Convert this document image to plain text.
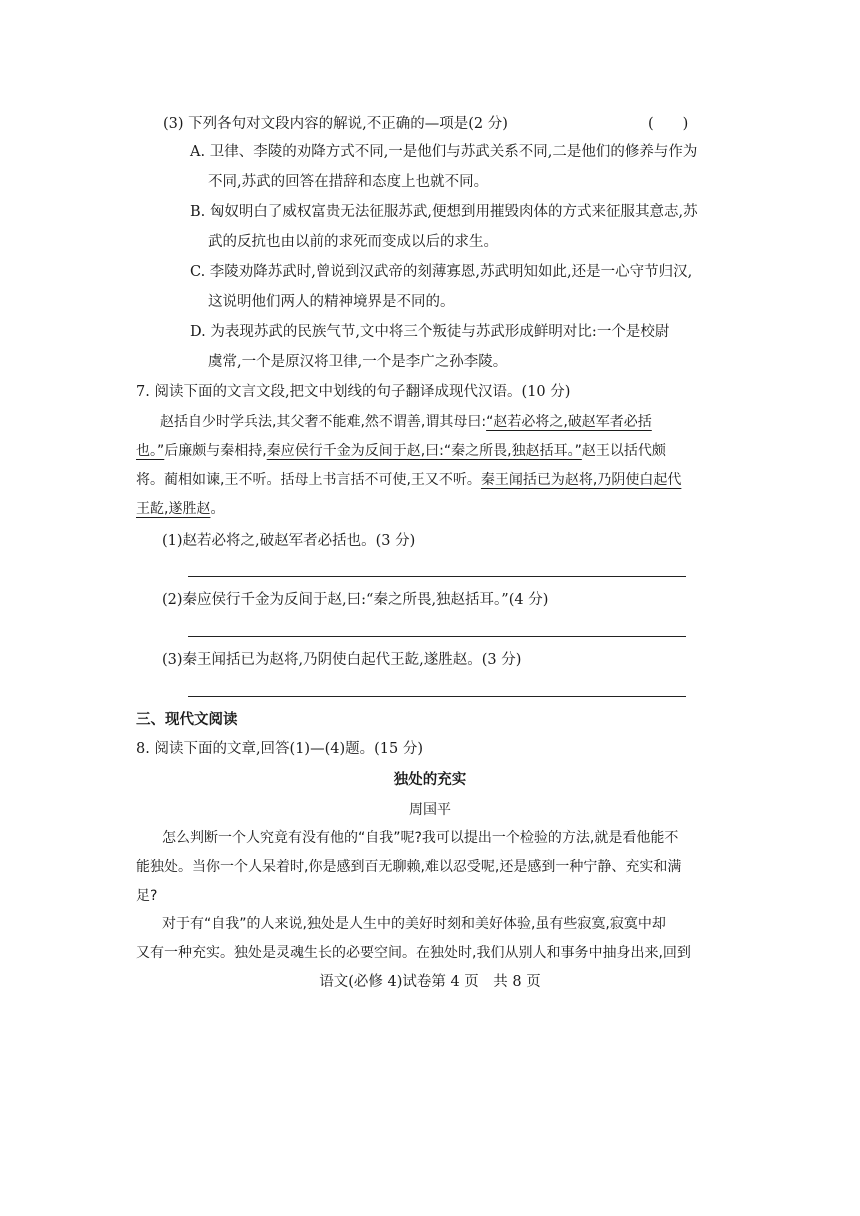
(3) 下列各句对文段内容的解说,不正确的—项是(2 分)	(　　)
A. 卫律、李陵的劝降方式不同,一是他们与苏武关系不同,二是他们的修养与作为
不同,苏武的回答在措辞和态度上也就不同。
B. 匈奴明白了威权富贵无法征服苏武,便想到用摧毁肉体的方式来征服其意志,苏
武的反抗也由以前的求死而变成以后的求生。
C. 李陵劝降苏武时,曾说到汉武帝的刻薄寡恩,苏武明知如此,还是一心守节归汉,
这说明他们两人的精神境界是不同的。
D. 为表现苏武的民族气节,文中将三个叛徒与苏武形成鲜明对比:一个是校尉
虞常,一个是原汉将卫律,一个是李广之孙李陵。
7. 阅读下面的文言文段,把文中划线的句子翻译成现代汉语。(10 分)
赵括自少时学兵法,其父奢不能难,然不谓善,谓其母曰:“赵若必将之,破赵军者必括
也。”后廉颇与秦相持,秦应侯行千金为反间于赵,曰:“秦之所畏,独赵括耳。”赵王以括代颇
将。蔺相如谏,王不听。括母上书言括不可使,王又不听。秦王闻括已为赵将,乃阴使白起代
王龁,遂胜赵。
(1)赵若必将之,破赵军者必括也。(3 分)
(2)秦应侯行千金为反间于赵,曰:“秦之所畏,独赵括耳。”(4 分)
(3)秦王闻括已为赵将,乃阴使白起代王龁,遂胜赵。(3 分)
三、现代文阅读
8. 阅读下面的文章,回答(1)—(4)题。(15 分)
独处的充实
周国平
怎么判断一个人究竟有没有他的“自我”呢?我可以提出一个检验的方法,就是看他能不
能独处。当你一个人呆着时,你是感到百无聊赖,难以忍受呢,还是感到一种宁静、充实和满
足?
对于有“自我”的人来说,独处是人生中的美好时刻和美好体验,虽有些寂寞,寂寞中却
又有一种充实。独处是灵魂生长的必要空间。在独处时,我们从别人和事务中抽身出来,回到
语文(必修 4)试卷第 4 页　共 8 页
